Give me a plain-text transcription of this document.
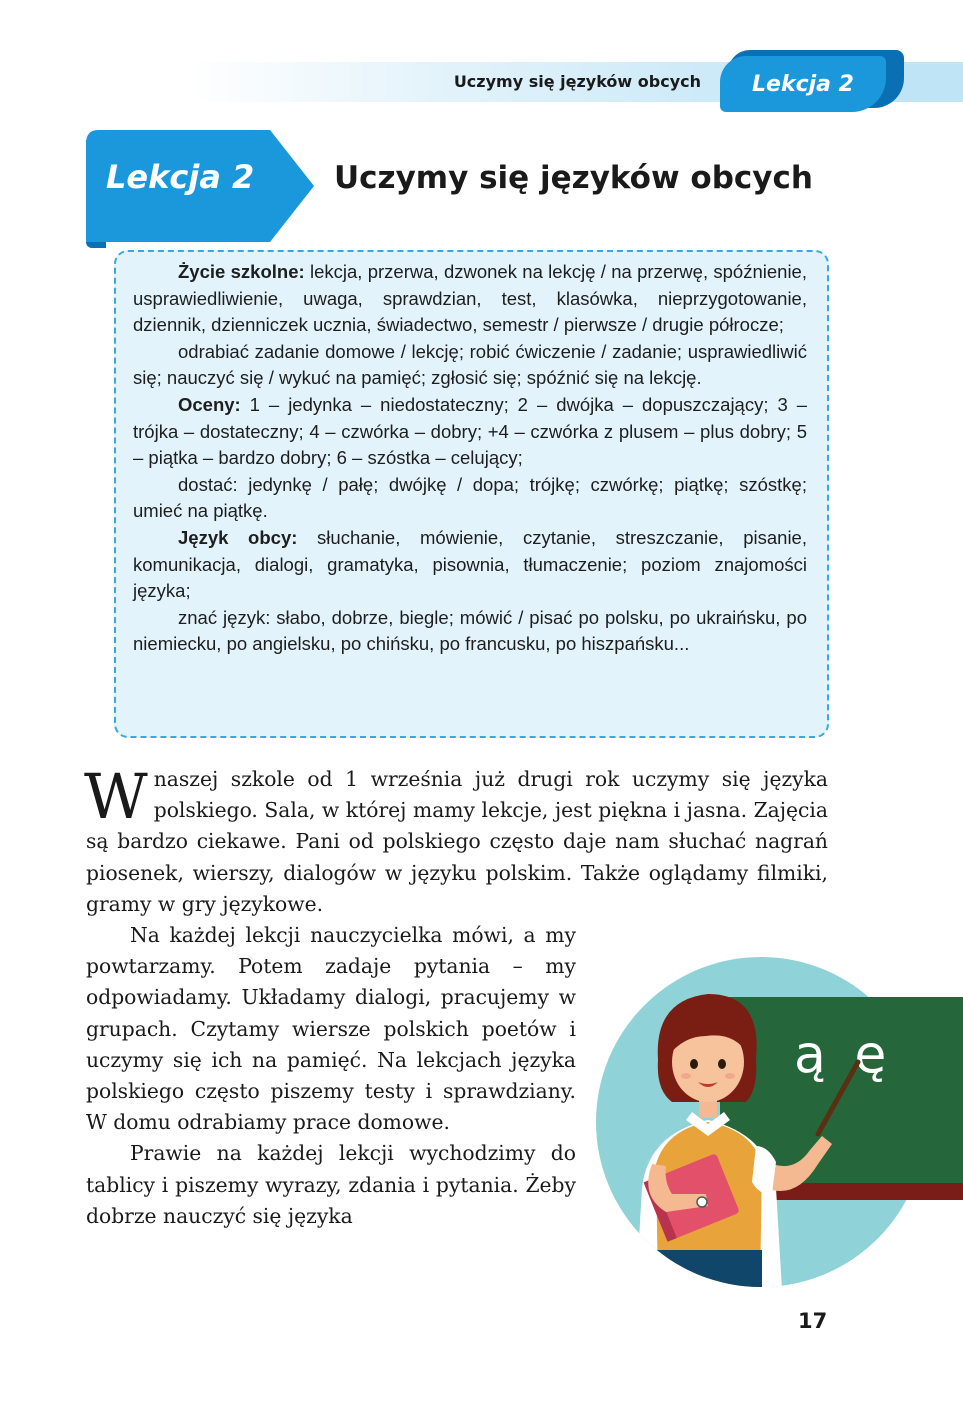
Uczymy się języków obcych	Lekcja 2
Lekcja 2	Uczymy się języków obcych

Życie szkolne: lekcja, przerwa, dzwonek na lekcję / na przerwę, spóźnienie, usprawiedliwienie, uwaga, sprawdzian, test, klasówka, nieprzygotowanie, dziennik, dzienniczek ucznia, świadectwo, semestr / pierwsze / drugie półrocze;

odrabiać zadanie domowe / lekcję; robić ćwiczenie / zadanie; usprawiedliwić się; nauczyć się / wykuć na pamięć; zgłosić się; spóźnić się na lekcję.

Oceny: 1 – jedynka – niedostateczny; 2 – dwójka – dopuszczający; 3 – trójka – dostateczny; 4 – czwórka – dobry; +4 – czwórka z plusem – plus dobry; 5 – piątka – bardzo dobry; 6 – szóstka – celujący;

dostać: jedynkę / pałę; dwójkę / dopa; trójkę; czwórkę; piątkę; szóstkę; umieć na piątkę.

Język obcy: słuchanie, mówienie, czytanie, streszczanie, pisanie, komunikacja, dialogi, gramatyka, pisownia, tłumaczenie; poziom znajomości języka;

znać język: słabo, dobrze, biegle; mówić / pisać po polsku, po ukraińsku, po niemiecku, po angielsku, po chińsku, po francusku, po hiszpańsku...

W naszej szkole od 1 września już drugi rok uczymy się języka polskiego. Sala, w której mamy lekcje, jest piękna i jasna. Zajęcia są bardzo ciekawe. Pani od polskiego często daje nam słuchać nagrań piosenek, wierszy, dialogów w języku polskim. Także oglądamy filmiki, gramy w gry językowe.

Na każdej lekcji nauczycielka mówi, a my powtarzamy. Potem zadaje pytania – my odpowiadamy. Układamy dialogi, pracujemy w grupach. Czytamy wiersze polskich poetów i uczymy się ich na pamięć. Na lekcjach języka polskiego często piszemy testy i sprawdziany. W domu odrabiamy prace domowe.

Prawie na każdej lekcji wychodzimy do tablicy i piszemy wyrazy, zdania i pytania. Żeby dobrze nauczyć się języka

ą ę
17
